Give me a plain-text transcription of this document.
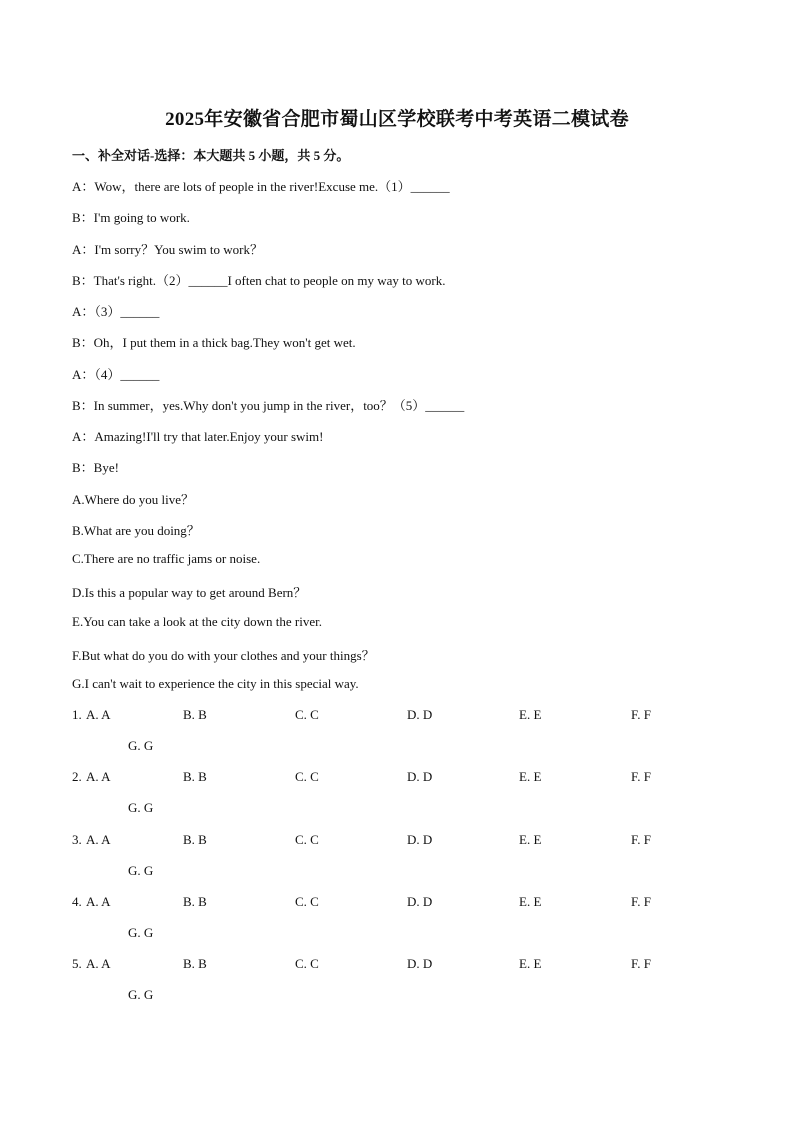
2025年安徽省合肥市蜀山区学校联考中考英语二模试卷
一、补全对话-选择：本大题共 5 小题，共 5 分。
A：Wow，there are lots of people in the river!Excuse me.（1）______
B：I'm going to work.
A：I'm sorry？You swim to work？
B：That's right.（2）______I often chat to people on my way to work.
A：（3）______
B：Oh，I put them in a thick bag.They won't get wet.
A：（4）______
B：In summer，yes.Why don't you jump in the river，too？（5）______
A：Amazing!I'll try that later.Enjoy your swim!
B：Bye!
A.Where do you live？
B.What are you doing？
C.There are no traffic jams or noise.
D.Is this a popular way to get around Bern？
E.You can take a look at the city down the river.
F.But what do you do with your clothes and your things？
G.I can't wait to experience the city in this special way.
1. A. A	B. B	C. C	D. D	E. E	F. F
G. G
2. A. A	B. B	C. C	D. D	E. E	F. F
G. G
3. A. A	B. B	C. C	D. D	E. E	F. F
G. G
4. A. A	B. B	C. C	D. D	E. E	F. F
G. G
5. A. A	B. B	C. C	D. D	E. E	F. F
G. G
